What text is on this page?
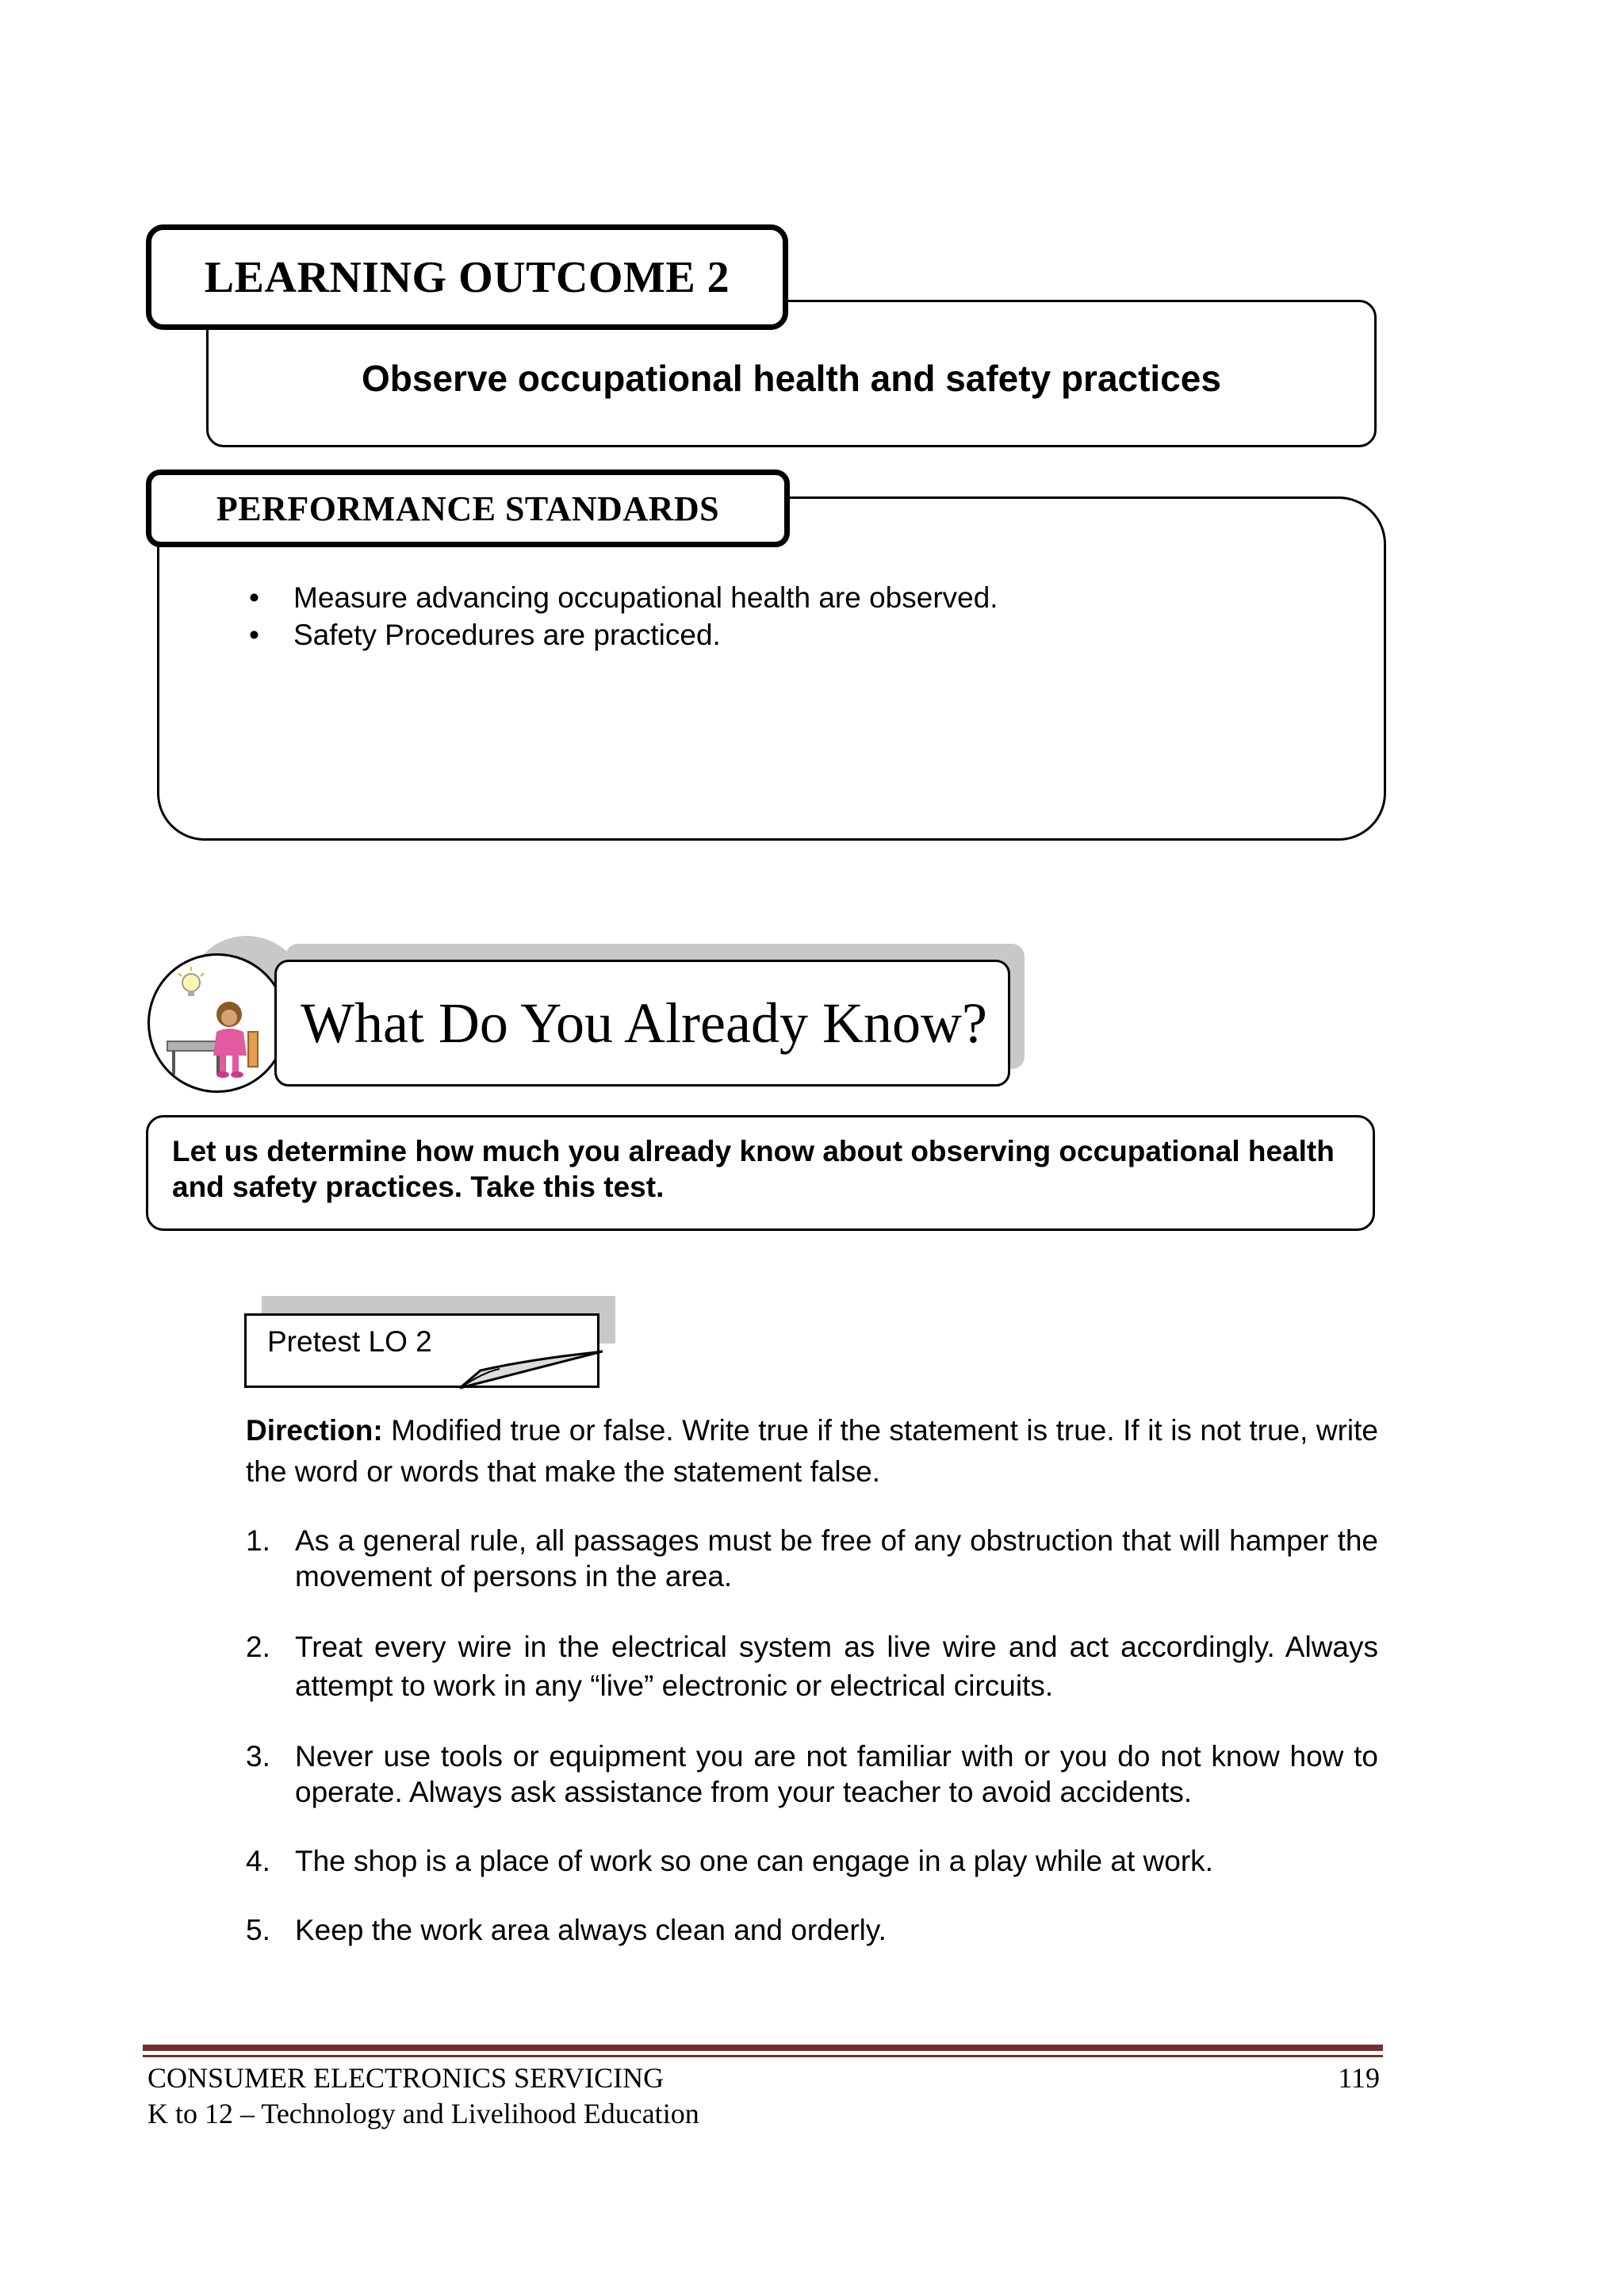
Observe occupational health and safety practices
LEARNING OUTCOME 2
PERFORMANCE STANDARDS
• Measure advancing occupational health are observed.
• Safety Procedures are practiced.
What Do You Already Know?
Let us determine how much you already know about observing occupational health and safety practices. Take this test.
Pretest LO 2
Direction: Modified true or false. Write true if the statement is true. If it is not true, write the word or words that make the statement false.
1. As a general rule, all passages must be free of any obstruction that will hamper the movement of persons in the area.
2. Treat every wire in the electrical system as live wire and act accordingly. Always attempt to work in any “live” electronic or electrical circuits.
3. Never use tools or equipment you are not familiar with or you do not know how to operate. Always ask assistance from your teacher to avoid accidents.
4. The shop is a place of work so one can engage in a play while at work.
5. Keep the work area always clean and orderly.
CONSUMER ELECTRONICS SERVICING
K to 12 – Technology and Livelihood Education
119
